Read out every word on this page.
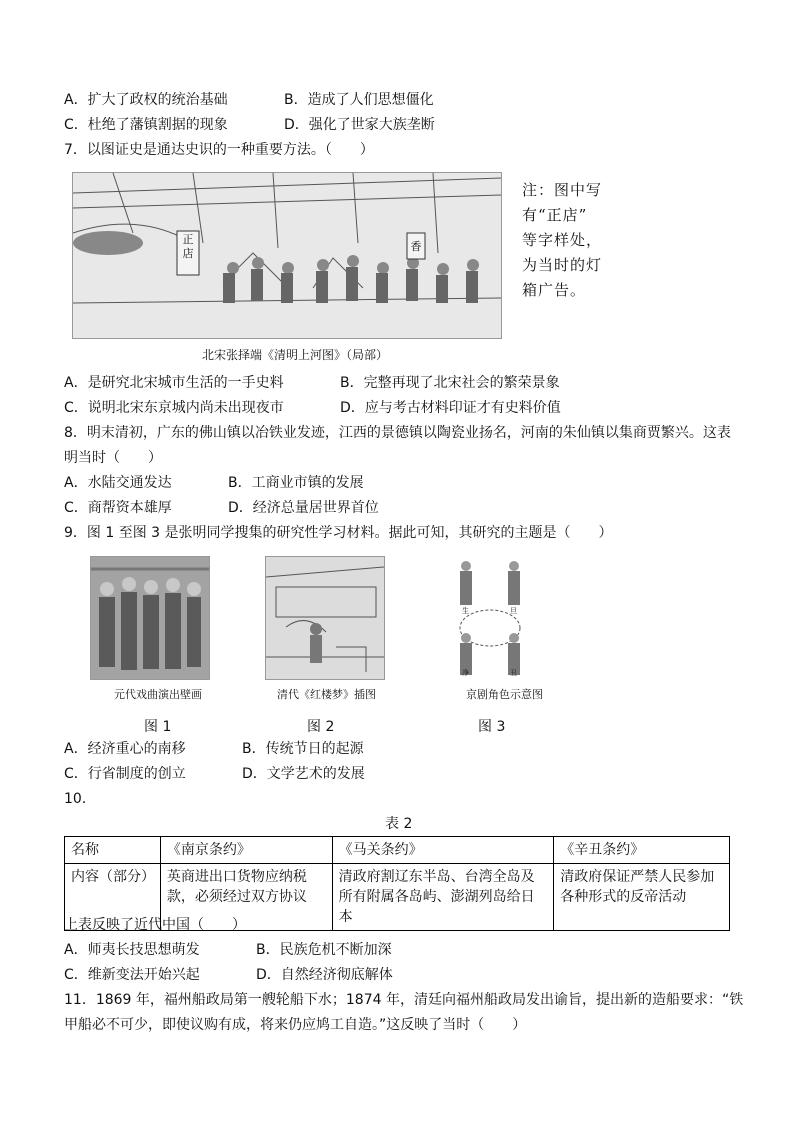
A．扩大了政权的统治基础	B．造成了人们思想僵化
C．杜绝了藩镇割据的现象	D．强化了世家大族垄断
7．以图证史是通达史识的一种重要方法。（　　）
正店
香
北宋张择端《清明上河图》（局部）
注：图中写
有“正店”
等字样处，
为当时的灯
箱广告。
A．是研究北宋城市生活的一手史料	B．完整再现了北宋社会的繁荣景象
C．说明北宋东京城内尚未出现夜市	D．应与考古材料印证才有史料价值
8．明末清初，广东的佛山镇以冶铁业发迹，江西的景德镇以陶瓷业扬名，河南的朱仙镇以集商贾繁兴。这表
明当时（　　）
A．水陆交通发达	B．工商业市镇的发展
C．商帮资本雄厚	D．经济总量居世界首位
9．图 1 至图 3 是张明同学搜集的研究性学习材料。据此可知，其研究的主题是（　　）
生	旦
净	丑
元代戏曲演出壁画	清代《红楼梦》插图	京剧角色示意图
图 1	图 2	图 3
A．经济重心的南移	B．传统节日的起源
C．行省制度的创立	D．文学艺术的发展
10．
表 2
名称	《南京条约》	《马关条约》	《辛丑条约》
内容（部分）	英商进出口货物应纳税款，必须经过双方协议	清政府割辽东半岛、台湾全岛及所有附属各岛屿、澎湖列岛给日本	清政府保证严禁人民参加各种形式的反帝活动
上表反映了近代中国（　　）
A．师夷长技思想萌发	B．民族危机不断加深
C．维新变法开始兴起	D．自然经济彻底解体
11．1869 年，福州船政局第一艘轮船下水；1874 年，清廷向福州船政局发出谕旨，提出新的造船要求：“铁
甲船必不可少，即使议购有成，将来仍应鸠工自造。”这反映了当时（　　）
